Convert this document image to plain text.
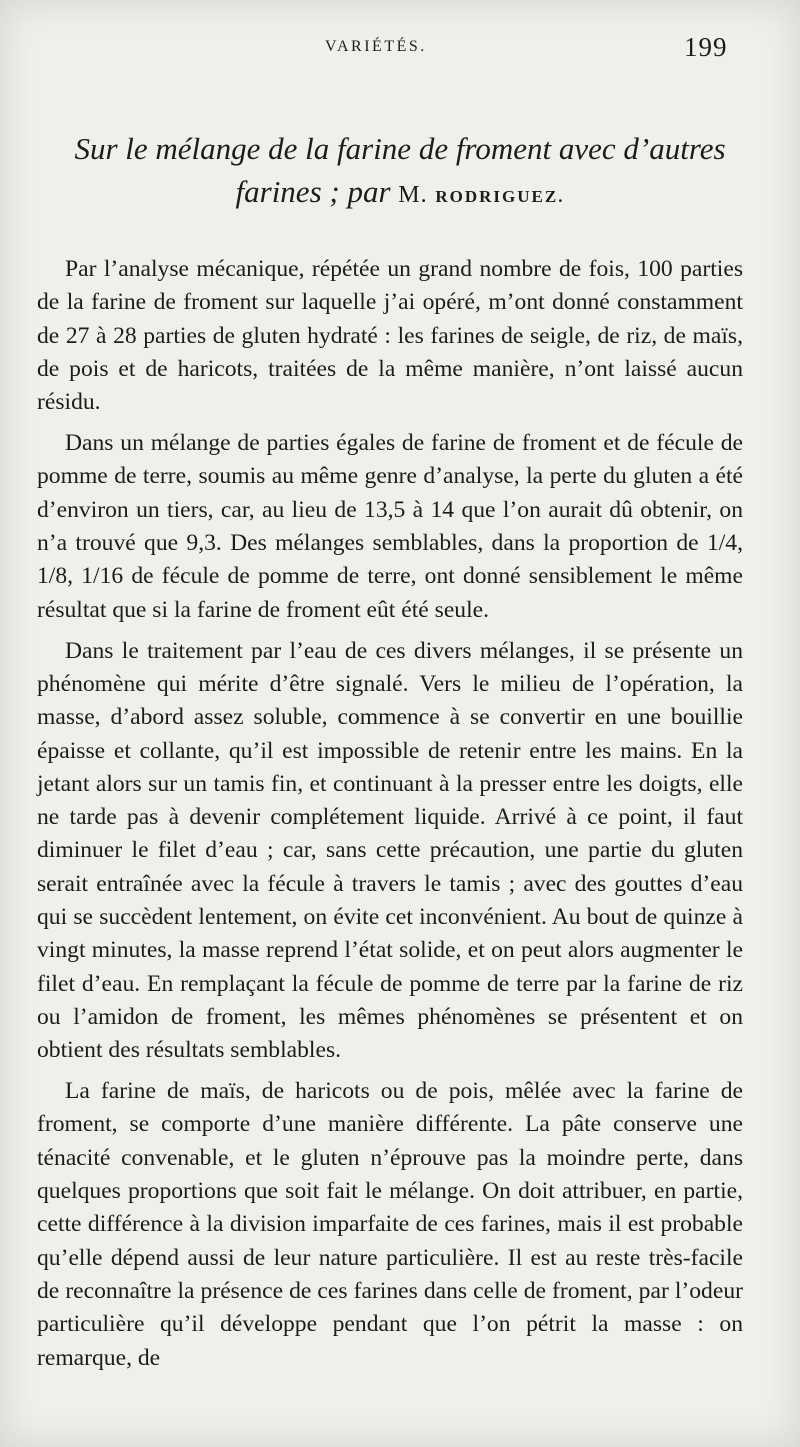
VARIÉTÉS.	199
Sur le mélange de la farine de froment avec d’autres farines ; par M. RODRIGUEZ.

Par l’analyse mécanique, répétée un grand nombre de fois, 100 parties de la farine de froment sur laquelle j’ai opéré, m’ont donné constamment de 27 à 28 parties de gluten hydraté : les farines de seigle, de riz, de maïs, de pois et de haricots, traitées de la même manière, n’ont laissé aucun résidu.

Dans un mélange de parties égales de farine de froment et de fécule de pomme de terre, soumis au même genre d’analyse, la perte du gluten a été d’environ un tiers, car, au lieu de 13,5 à 14 que l’on aurait dû obtenir, on n’a trouvé que 9,3. Des mélanges semblables, dans la proportion de 1/4, 1/8, 1/16 de fécule de pomme de terre, ont donné sensiblement le même résultat que si la farine de froment eût été seule.

Dans le traitement par l’eau de ces divers mélanges, il se présente un phénomène qui mérite d’être signalé. Vers le milieu de l’opération, la masse, d’abord assez soluble, commence à se convertir en une bouillie épaisse et collante, qu’il est impossible de retenir entre les mains. En la jetant alors sur un tamis fin, et continuant à la presser entre les doigts, elle ne tarde pas à devenir complétement liquide. Arrivé à ce point, il faut diminuer le filet d’eau ; car, sans cette précaution, une partie du gluten serait entraînée avec la fécule à travers le tamis ; avec des gouttes d’eau qui se succèdent lentement, on évite cet inconvénient. Au bout de quinze à vingt minutes, la masse reprend l’état solide, et on peut alors augmenter le filet d’eau. En remplaçant la fécule de pomme de terre par la farine de riz ou l’amidon de froment, les mêmes phénomènes se présentent et on obtient des résultats semblables.

La farine de maïs, de haricots ou de pois, mêlée avec la farine de froment, se comporte d’une manière différente. La pâte conserve une ténacité convenable, et le gluten n’éprouve pas la moindre perte, dans quelques proportions que soit fait le mélange. On doit attribuer, en partie, cette différence à la division imparfaite de ces farines, mais il est probable qu’elle dépend aussi de leur nature particulière. Il est au reste très-facile de reconnaître la présence de ces farines dans celle de froment, par l’odeur particulière qu’il développe pendant que l’on pétrit la masse : on remarque, de
